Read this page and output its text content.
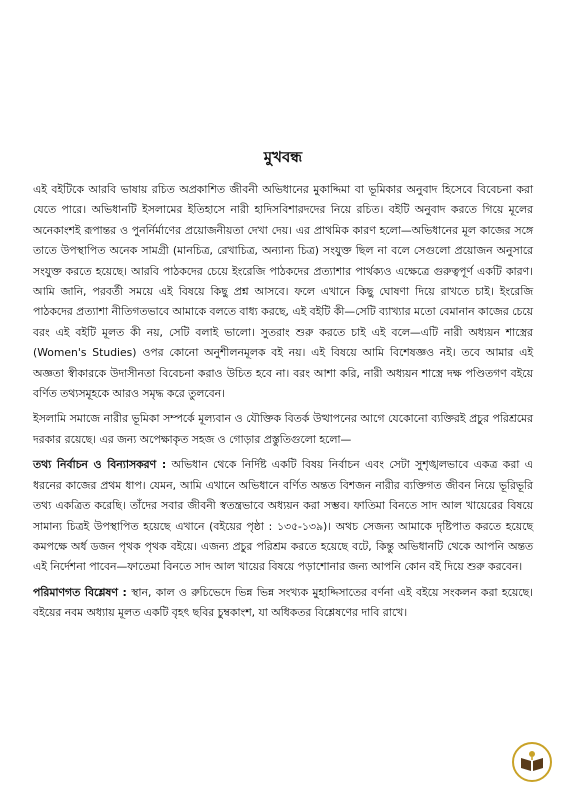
মুখবন্ধ

এই বইটিকে আরবি ভাষায় রচিত অপ্রকাশিত জীবনী অভিধানের মুকাদ্দিমা বা ভূমিকার অনুবাদ হিসেবে বিবেচনা করা যেতে পারে। অভিধানটি ইসলামের ইতিহাসে নারী হাদিসবিশারদদের নিয়ে রচিত। বইটি অনুবাদ করতে গিয়ে মূলের অনেকাংশই রূপান্তর ও পুনর্নির্মাণের প্রয়োজনীয়তা দেখা দেয়। এর প্রাথমিক কারণ হলো—অভিধানের মূল কাজের সঙ্গে তাতে উপস্থাপিত অনেক সামগ্রী (মানচিত্র, রেখাচিত্র, অন্যান্য চিত্র) সংযুক্ত ছিল না বলে সেগুলো প্রয়োজন অনুসারে সংযুক্ত করতে হয়েছে। আরবি পাঠকদের চেয়ে ইংরেজি পাঠকদের প্রত্যাশার পার্থক্যও এক্ষেত্রে গুরুত্বপূর্ণ একটি কারণ। আমি জানি, পরবর্তী সময়ে এই বিষয়ে কিছু প্রশ্ন আসবে। ফলে এখানে কিছু ঘোষণা দিয়ে রাখতে চাই। ইংরেজি পাঠকদের প্রত্যাশা নীতিগতভাবে আমাকে বলতে বাধ্য করছে, এই বইটি কী—সেটি ব্যাখ্যার মতো বেমানান কাজের চেয়ে বরং এই বইটি মূলত কী নয়, সেটি বলাই ভালো। সুতরাং শুরু করতে চাই এই বলে—এটি নারী অধ্যয়ন শাস্ত্রের (Women's Studies) ওপর কোনো অনুশীলনমূলক বই নয়। এই বিষয়ে আমি বিশেষজ্ঞও নই। তবে আমার এই অজ্ঞতা স্বীকারকে উদাসীনতা বিবেচনা করাও উচিত হবে না। বরং আশা করি, নারী অধ্যয়ন শাস্ত্রে দক্ষ পণ্ডিতগণ বইয়ে বর্ণিত তথ্যসমূহকে আরও সমৃদ্ধ করে তুলবেন।

ইসলামি সমাজে নারীর ভূমিকা সম্পর্কে মূল্যবান ও যৌক্তিক বিতর্ক উত্থাপনের আগে যেকোনো ব্যক্তিরই প্রচুর পরিশ্রমের দরকার রয়েছে। এর জন্য অপেক্ষাকৃত সহজ ও গোড়ার প্রস্তুতিগুলো হলো—

তথ্য নির্বাচন ও বিন্যাসকরণ : অভিধান থেকে নির্দিষ্ট একটি বিষয় নির্বাচন এবং সেটা সুশৃঙ্খলভাবে একত্র করা এ ধরনের কাজের প্রথম ধাপ। যেমন, আমি এখানে অভিধানে বর্ণিত অন্তত বিশজন নারীর ব্যক্তিগত জীবন নিয়ে ভূরিভূরি তথ্য একত্রিত করেছি। তাঁদের সবার জীবনী স্বতন্ত্রভাবে অধ্যয়ন করা সম্ভব। ফাতিমা বিনতে সাদ আল খায়েরের বিষয়ে সামান্য চিত্রই উপস্থাপিত হয়েছে এখানে (বইয়ের পৃষ্ঠা : ১৩৫-১৩৯)। অথচ সেজন্য আমাকে দৃষ্টিপাত করতে হয়েছে কমপক্ষে অর্ধ ডজন পৃথক পৃথক বইয়ে। এজন্য প্রচুর পরিশ্রম করতে হয়েছে বটে, কিন্তু অভিধানটি থেকে আপনি অন্তত এই নির্দেশনা পাবেন—ফাতেমা বিনতে সাদ আল খায়ের বিষয়ে পড়াশোনার জন্য আপনি কোন বই দিয়ে শুরু করবেন।

পরিমাণগত বিশ্লেষণ : স্থান, কাল ও রুচিভেদে ভিন্ন ভিন্ন সংখ্যক মুহাদ্দিসাতের বর্ণনা এই বইয়ে সংকলন করা হয়েছে। বইয়ের নবম অধ্যায় মূলত একটি বৃহৎ ছবির চুম্বকাংশ, যা অধিকতর বিশ্লেষণের দাবি রাখে।
